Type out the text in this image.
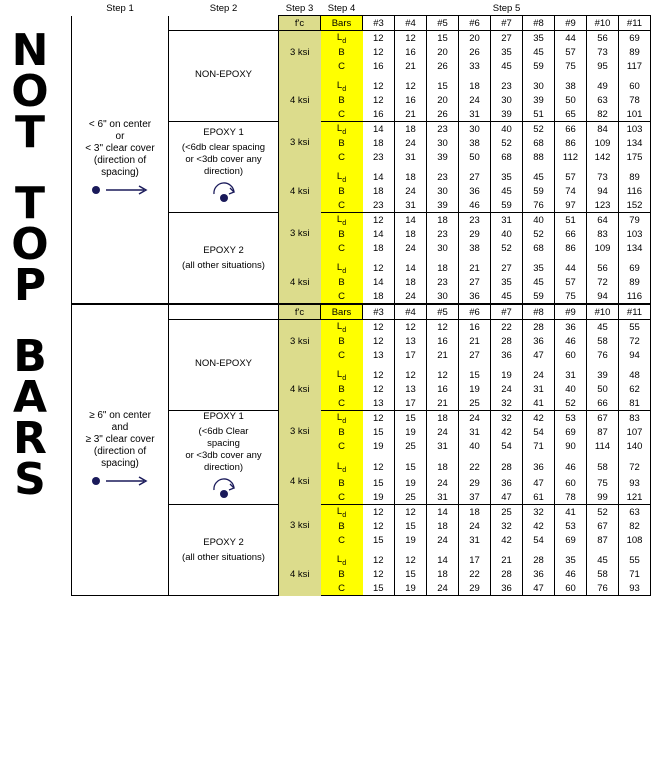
N
O
T
T
O
P
B
A
R
S
Step 1	Step 2	Step 3	Step 4	Step 5								

< 6" on center
or
< 3" clear cover
(direction of
spacing)		f'c	Bars	#3	#4	#5	#6	#7	#8	#9	#10	#11

	NON-EPOXY	3 ksi	$L_d$	12	12	15	20	27	35	44	56	69
			B	12	16	20	26	35	45	57	73	89
			C	16	21	26	33	45	59	75	95	117

		4 ksi	$L_d$	12	12	15	18	23	30	38	49	60
			B	12	16	20	24	30	39	50	63	78
			C	16	21	26	31	39	51	65	82	101

	EPOXY 1
(<6db clear spacing
or <3db cover any
direction)	3 ksi	$L_d$	14	18	23	30	40	52	66	84	103
			B	18	24	30	38	52	68	86	109	134
			C	23	31	39	50	68	88	112	142	175

		4 ksi	$L_d$	14	18	23	27	35	45	57	73	89
			B	18	24	30	36	45	59	74	94	116
			C	23	31	39	46	59	76	97	123	152

	EPOXY 2
(all other situations)	3 ksi	$L_d$	12	14	18	23	31	40	51	64	79
			B	14	18	23	29	40	52	66	83	103
			C	18	24	30	38	52	68	86	109	134

		4 ksi	$L_d$	12	14	18	21	27	35	44	56	69
			B	14	18	23	27	35	45	57	72	89
			C	18	24	30	36	45	59	75	94	116

≥ 6" on center
and
≥ 3" clear cover
(direction of
spacing)		f'c	Bars	#3	#4	#5	#6	#7	#8	#9	#10	#11

	NON-EPOXY	3 ksi	$L_d$	12	12	12	16	22	28	36	45	55
			B	12	13	16	21	28	36	46	58	72
			C	13	17	21	27	36	47	60	76	94

		4 ksi	$L_d$	12	12	12	15	19	24	31	39	48
			B	12	13	16	19	24	31	40	50	62
			C	13	17	21	25	32	41	52	66	81

	EPOXY 1
(<6db Clear
spacing
or <3db cover any
direction)	3 ksi	$L_d$	12	15	18	24	32	42	53	67	83
			B	15	19	24	31	42	54	69	87	107
			C	19	25	31	40	54	71	90	114	140

		4 ksi	$L_d$	12	15	18	22	28	36	46	58	72
			B	15	19	24	29	36	47	60	75	93
			C	19	25	31	37	47	61	78	99	121

	EPOXY 2
(all other situations)	3 ksi	$L_d$	12	12	14	18	25	32	41	52	63
			B	12	15	18	24	32	42	53	67	82
			C	15	19	24	31	42	54	69	87	108

		4 ksi	$L_d$	12	12	14	17	21	28	35	45	55
			B	12	15	18	22	28	36	46	58	71
			C	15	19	24	29	36	47	60	76	93
